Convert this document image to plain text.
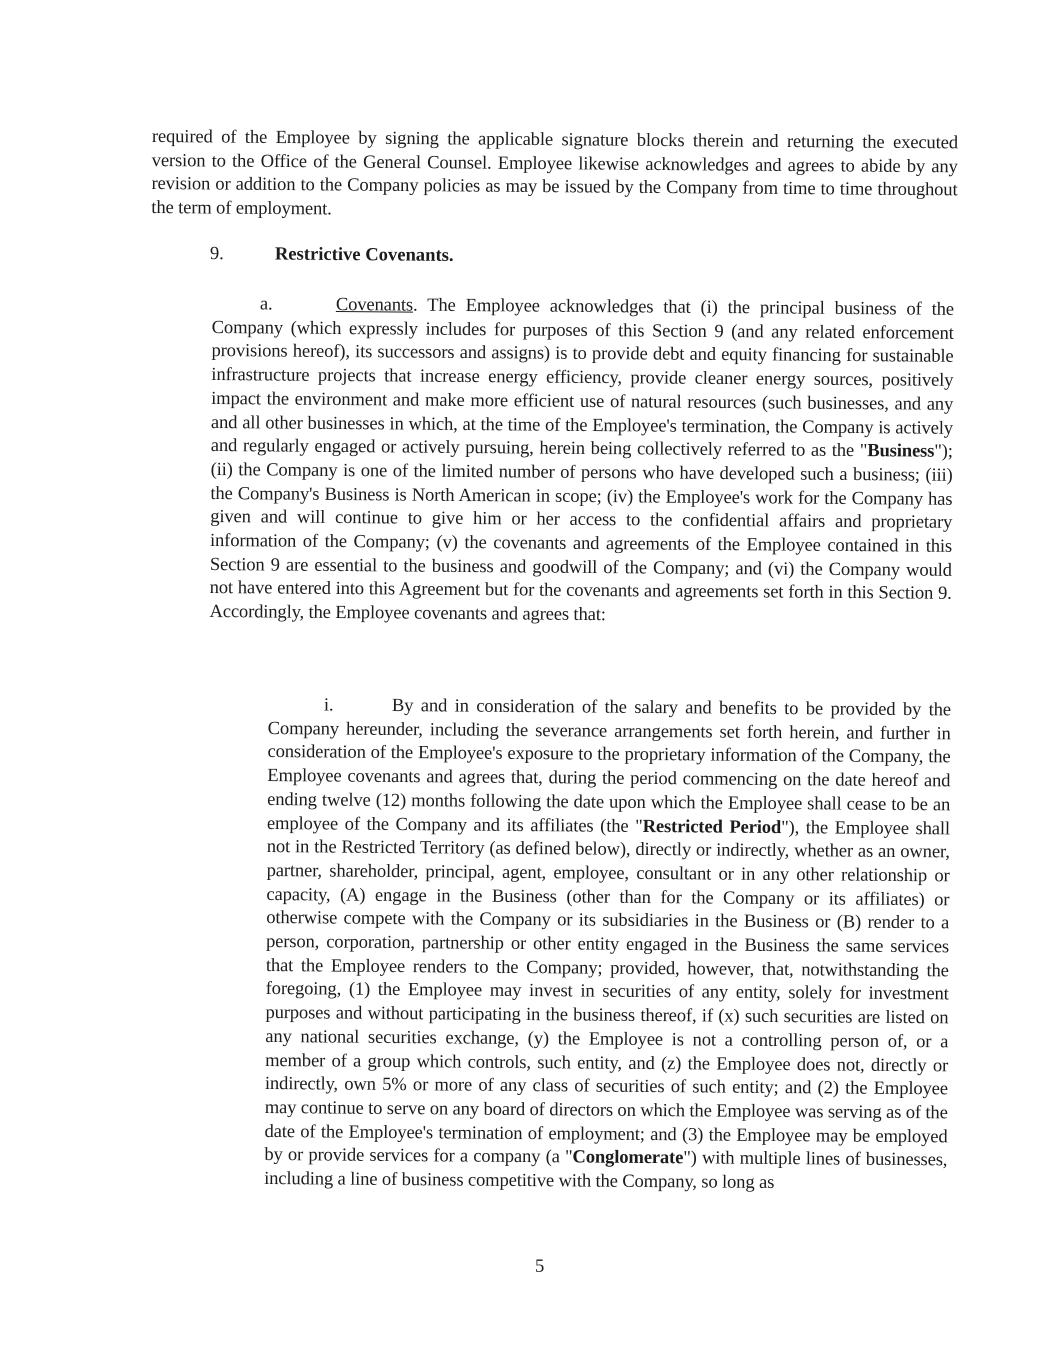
required of the Employee by signing the applicable signature blocks therein and returning the executed version to the Office of the General Counsel. Employee likewise acknowledges and agrees to abide by any revision or addition to the Company policies as may be issued by the Company from time to time throughout the term of employment.

9.	Restrictive Covenants.

a.	Covenants. The Employee acknowledges that (i) the principal business of the Company (which expressly includes for purposes of this Section 9 (and any related enforcement provisions hereof), its successors and assigns) is to provide debt and equity financing for sustainable infrastructure projects that increase energy efficiency, provide cleaner energy sources, positively impact the environment and make more efficient use of natural resources (such businesses, and any and all other businesses in which, at the time of the Employee's termination, the Company is actively and regularly engaged or actively pursuing, herein being collectively referred to as the "Business"); (ii) the Company is one of the limited number of persons who have developed such a business; (iii) the Company's Business is North American in scope; (iv) the Employee's work for the Company has given and will continue to give him or her access to the confidential affairs and proprietary information of the Company; (v) the covenants and agreements of the Employee contained in this Section 9 are essential to the business and goodwill of the Company; and (vi) the Company would not have entered into this Agreement but for the covenants and agreements set forth in this Section 9. Accordingly, the Employee covenants and agrees that:

i.	By and in consideration of the salary and benefits to be provided by the Company hereunder, including the severance arrangements set forth herein, and further in consideration of the Employee's exposure to the proprietary information of the Company, the Employee covenants and agrees that, during the period commencing on the date hereof and ending twelve (12) months following the date upon which the Employee shall cease to be an employee of the Company and its affiliates (the "Restricted Period"), the Employee shall not in the Restricted Territory (as defined below), directly or indirectly, whether as an owner, partner, shareholder, principal, agent, employee, consultant or in any other relationship or capacity, (A) engage in the Business (other than for the Company or its affiliates) or otherwise compete with the Company or its subsidiaries in the Business or (B) render to a person, corporation, partnership or other entity engaged in the Business the same services that the Employee renders to the Company; provided, however, that, notwithstanding the foregoing, (1) the Employee may invest in securities of any entity, solely for investment purposes and without participating in the business thereof, if (x) such securities are listed on any national securities exchange, (y) the Employee is not a controlling person of, or a member of a group which controls, such entity, and (z) the Employee does not, directly or indirectly, own 5% or more of any class of securities of such entity; and (2) the Employee may continue to serve on any board of directors on which the Employee was serving as of the date of the Employee's termination of employment; and (3) the Employee may be employed by or provide services for a company (a "Conglomerate") with multiple lines of businesses, including a line of business competitive with the Company, so long as

5
